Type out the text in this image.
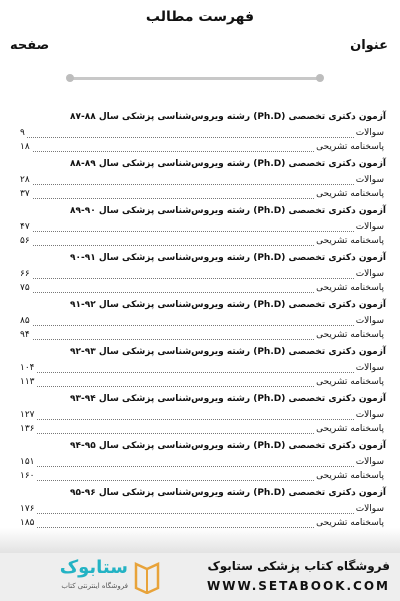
فهرست مطالب
عنوان
صفحه
آزمون دکتری تخصصی (Ph.D) رشته ویروس‌شناسی پزشکی سال ۸۸-۸۷
سوالات
۹
پاسخنامه تشریحی
۱۸
آزمون دکتری تخصصی (Ph.D) رشته ویروس‌شناسی پزشکی سال ۸۹-۸۸
سوالات
۲۸
پاسخنامه تشریحی
۳۷
آزمون دکتری تخصصی (Ph.D) رشته ویروس‌شناسی پزشکی سال ۹۰-۸۹
سوالات
۴۷
پاسخنامه تشریحی
۵۶
آزمون دکتری تخصصی (Ph.D) رشته ویروس‌شناسی پزشکی سال ۹۱-۹۰
سوالات
۶۶
پاسخنامه تشریحی
۷۵
آزمون دکتری تخصصی (Ph.D) رشته ویروس‌شناسی پزشکی سال ۹۲-۹۱
سوالات
۸۵
پاسخنامه تشریحی
۹۴
آزمون دکتری تخصصی (Ph.D) رشته ویروس‌شناسی پزشکی سال ۹۳-۹۲
سوالات
۱۰۴
پاسخنامه تشریحی
۱۱۳
آزمون دکتری تخصصی (Ph.D) رشته ویروس‌شناسی پزشکی سال ۹۴-۹۳
سوالات
۱۲۷
پاسخنامه تشریحی
۱۳۶
آزمون دکتری تخصصی (Ph.D) رشته ویروس‌شناسی پزشکی سال ۹۵-۹۴
سوالات
۱۵۱
پاسخنامه تشریحی
۱۶۰
آزمون دکتری تخصصی (Ph.D) رشته ویروس‌شناسی پزشکی سال ۹۶-۹۵
سوالات
۱۷۶
پاسخنامه تشریحی
۱۸۵
فروشگاه کتاب پزشکی ستابوک
WWW.SETABOOK.COM
ستابوک
فروشگاه اینترنتی کتاب
